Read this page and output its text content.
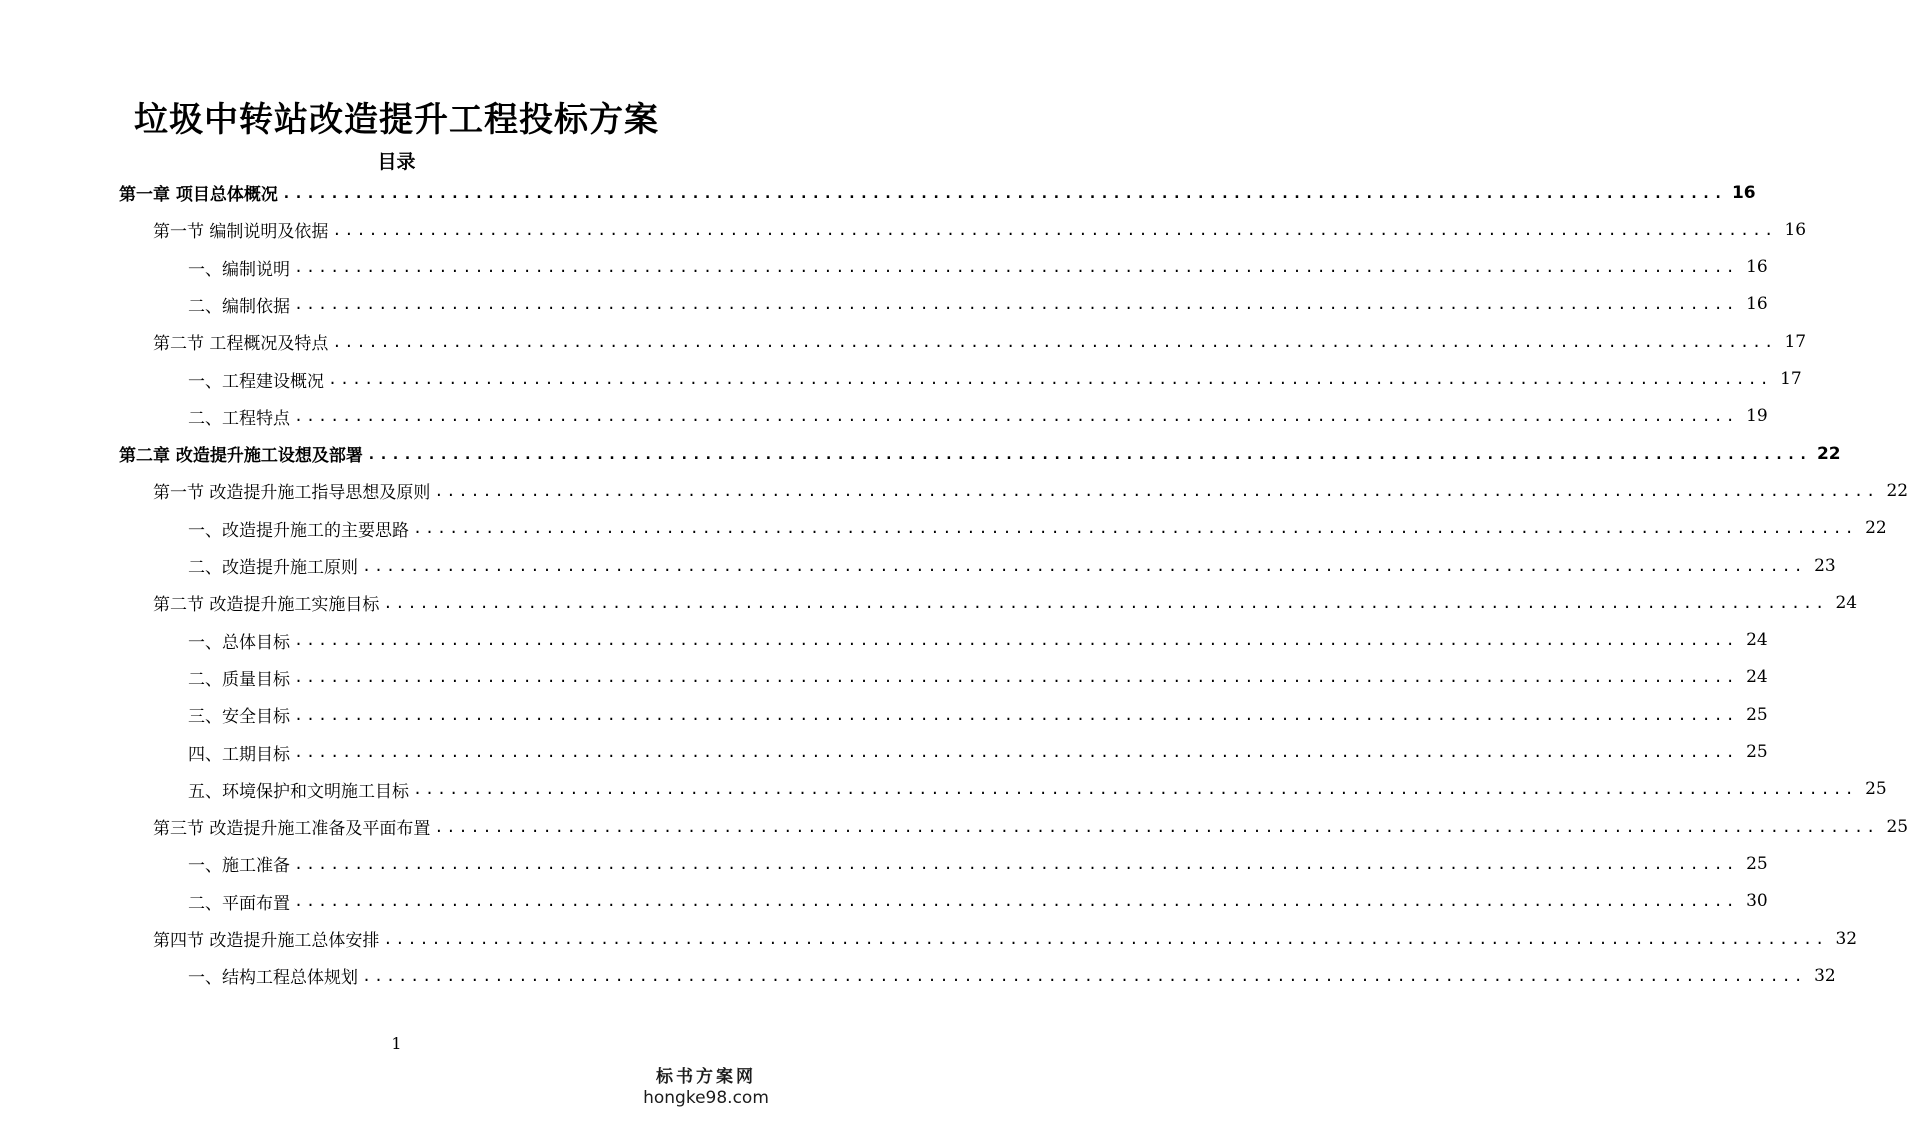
垃圾中转站改造提升工程投标方案
目录
第一章 项目总体概况 ........................................................................................................................ 16
第一节 编制说明及依据 ........................................................................................................................ 16
一、编制说明 ........................................................................................................................ 16
二、编制依据 ........................................................................................................................ 16
第二节 工程概况及特点 ........................................................................................................................ 17
一、工程建设概况 ........................................................................................................................ 17
二、工程特点 ........................................................................................................................ 19
第二章 改造提升施工设想及部署 ........................................................................................................................ 22
第一节 改造提升施工指导思想及原则 ........................................................................................................................ 22
一、改造提升施工的主要思路 ........................................................................................................................ 22
二、改造提升施工原则 ........................................................................................................................ 23
第二节 改造提升施工实施目标 ........................................................................................................................ 24
一、总体目标 ........................................................................................................................ 24
二、质量目标 ........................................................................................................................ 24
三、安全目标 ........................................................................................................................ 25
四、工期目标 ........................................................................................................................ 25
五、环境保护和文明施工目标 ........................................................................................................................ 25
第三节 改造提升施工准备及平面布置 ........................................................................................................................ 25
一、施工准备 ........................................................................................................................ 25
二、平面布置 ........................................................................................................................ 30
第四节 改造提升施工总体安排 ........................................................................................................................ 32
一、结构工程总体规划 ........................................................................................................................ 32
1
标书方案网
hongke98.com
